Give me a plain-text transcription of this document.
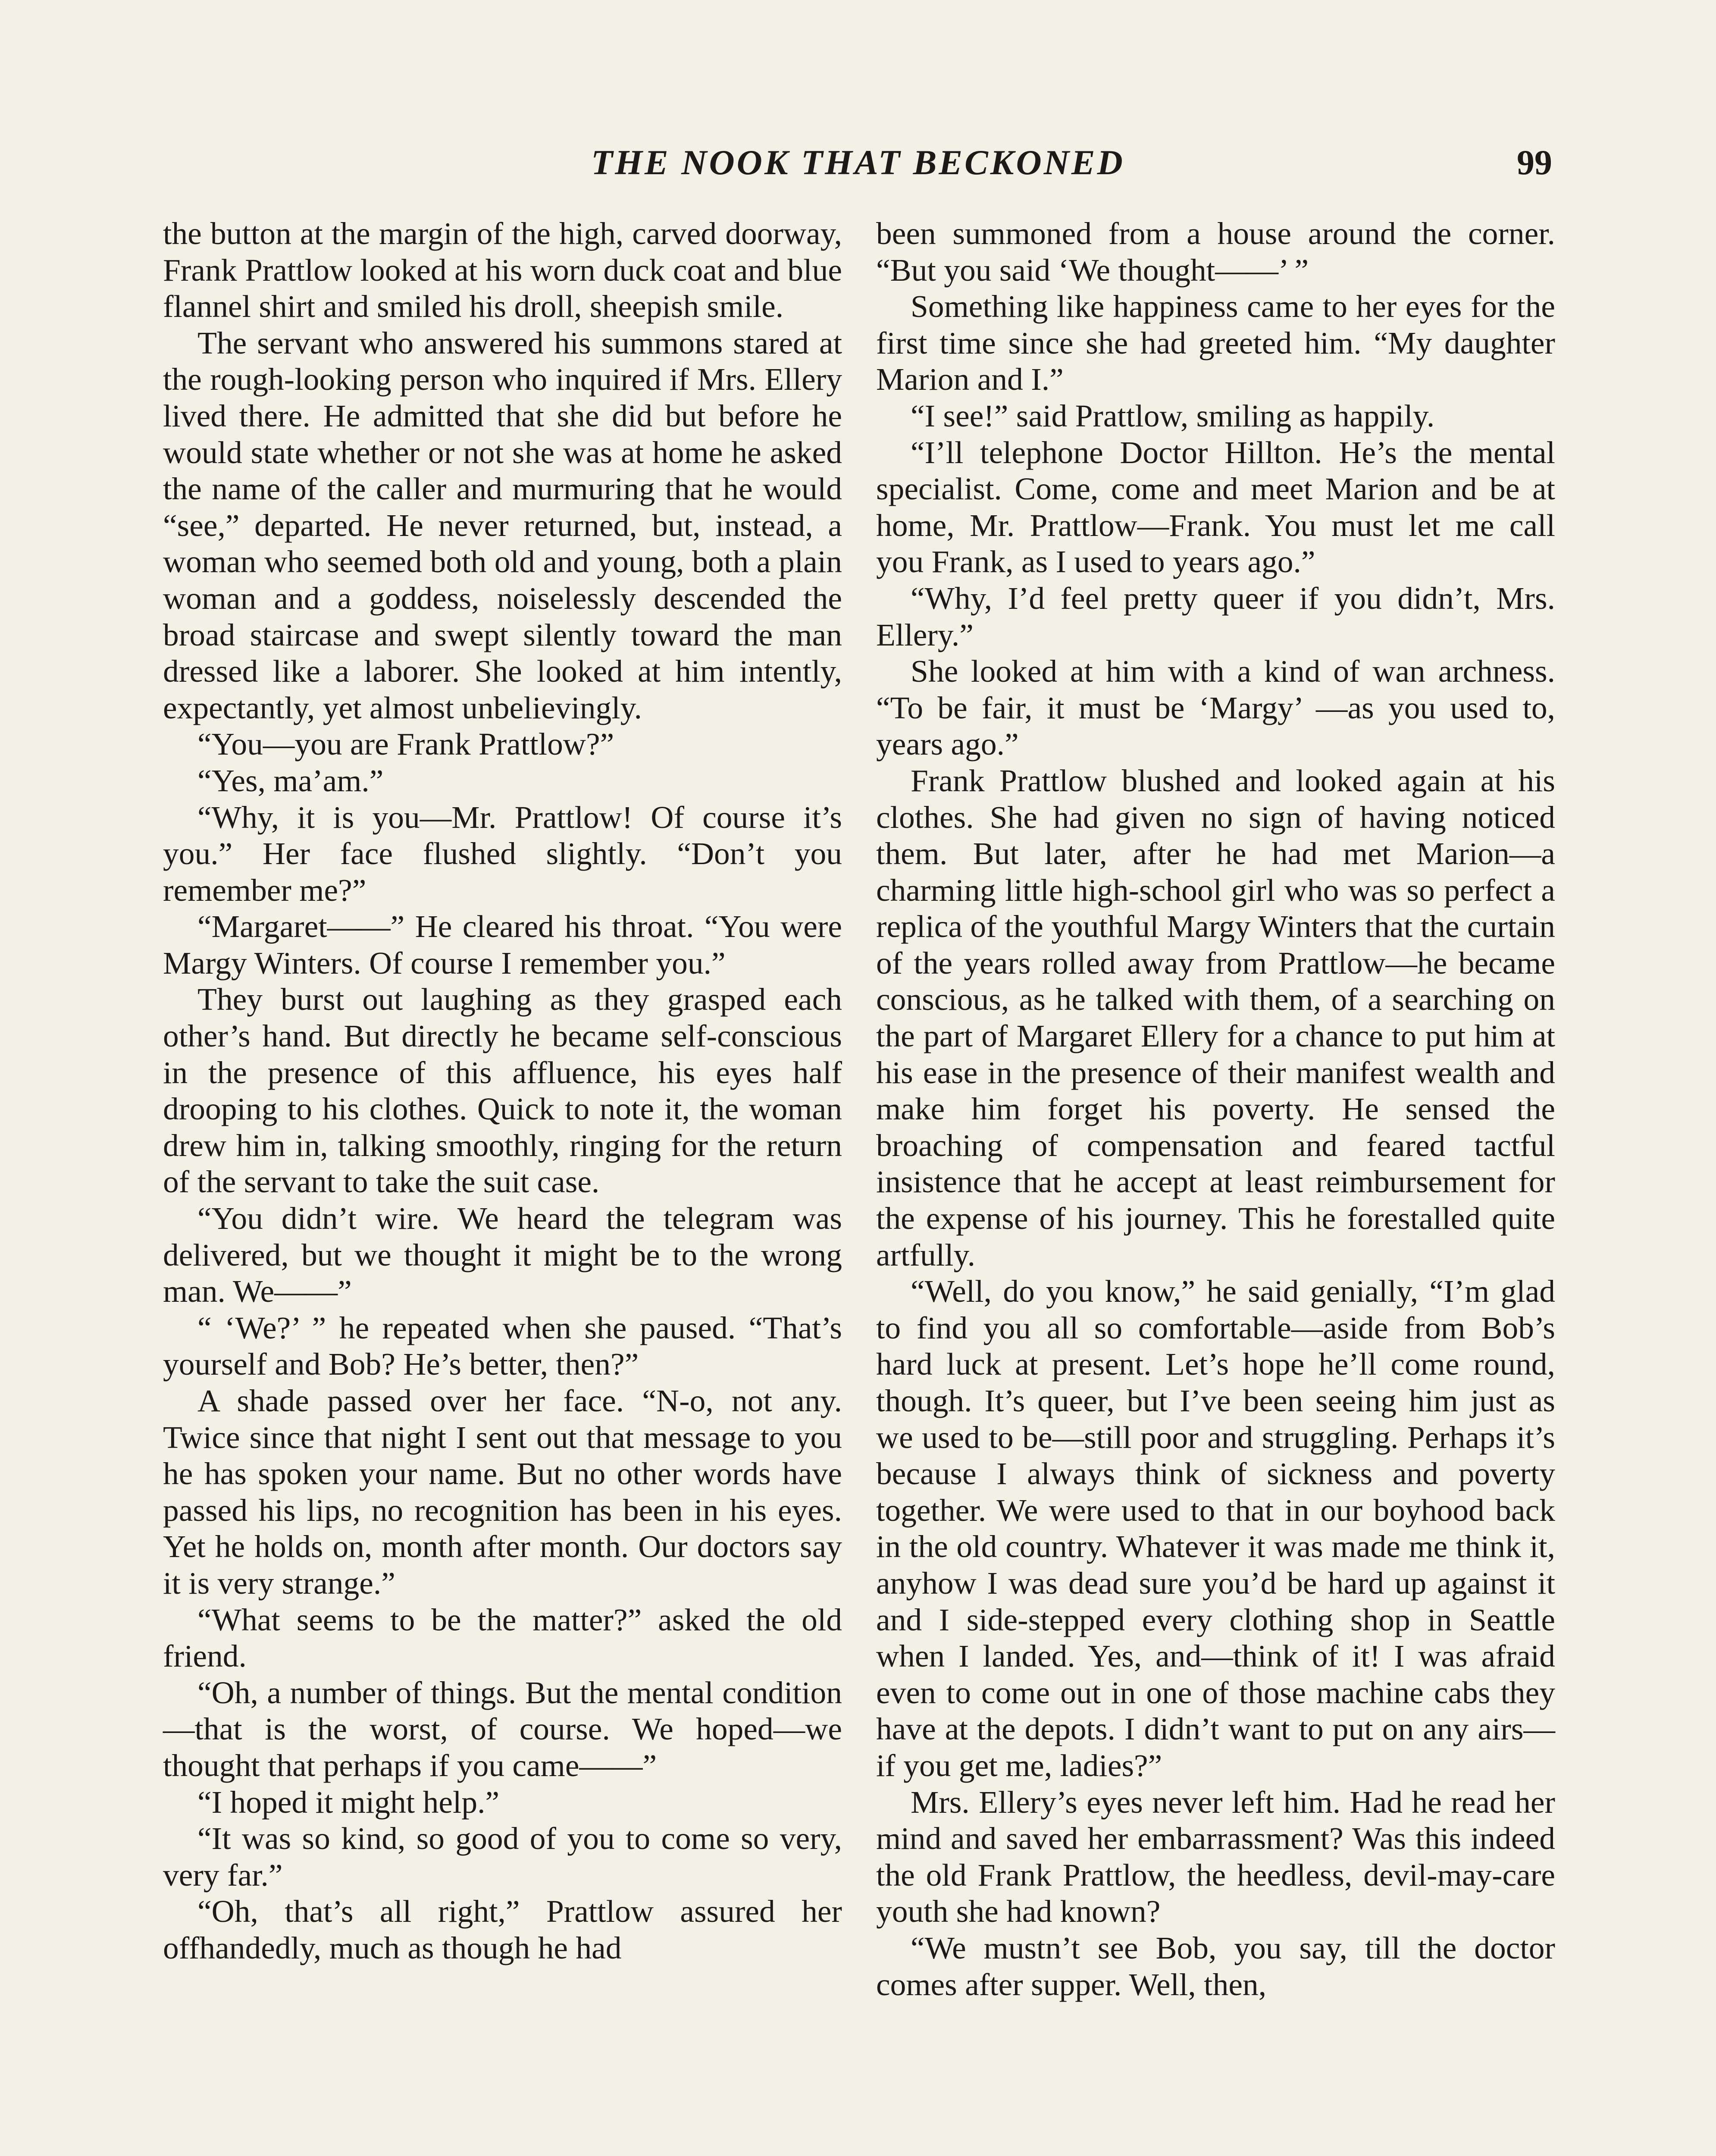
THE NOOK THAT BECKONED	99

the button at the margin of the high, carved doorway, Frank Prattlow looked at his worn duck coat and blue flannel shirt and smiled his droll, sheepish smile.

The servant who answered his summons stared at the rough-looking person who inquired if Mrs. Ellery lived there. He admitted that she did but before he would state whether or not she was at home he asked the name of the caller and murmuring that he would “see,” departed. He never returned, but, instead, a woman who seemed both old and young, both a plain woman and a goddess, noiselessly descended the broad staircase and swept silently toward the man dressed like a laborer. She looked at him intently, expectantly, yet almost unbelievingly.

“You—you are Frank Prattlow?”

“Yes, ma’am.”

“Why, it is you—Mr. Prattlow! Of course it’s you.” Her face flushed slightly. “Don’t you remember me?”

“Margaret——” He cleared his throat. “You were Margy Winters. Of course I remember you.”

They burst out laughing as they grasped each other’s hand. But directly he became self-conscious in the presence of this affluence, his eyes half drooping to his clothes. Quick to note it, the woman drew him in, talking smoothly, ringing for the return of the servant to take the suit case.

“You didn’t wire. We heard the telegram was delivered, but we thought it might be to the wrong man. We——”

“ ‘We?’ ” he repeated when she paused. “That’s yourself and Bob? He’s better, then?”

A shade passed over her face. “N-o, not any. Twice since that night I sent out that message to you he has spoken your name. But no other words have passed his lips, no recognition has been in his eyes. Yet he holds on, month after month. Our doctors say it is very strange.”

“What seems to be the matter?” asked the old friend.

“Oh, a number of things. But the mental condition—that is the worst, of course. We hoped—we thought that perhaps if you came——”

“I hoped it might help.”

“It was so kind, so good of you to come so very, very far.”

“Oh, that’s all right,” Prattlow assured her offhandedly, much as though he had

been summoned from a house around the corner. “But you said ‘We thought——’ ”

Something like happiness came to her eyes for the first time since she had greeted him. “My daughter Marion and I.”

“I see!” said Prattlow, smiling as happily.

“I’ll telephone Doctor Hillton. He’s the mental specialist. Come, come and meet Marion and be at home, Mr. Prattlow—Frank. You must let me call you Frank, as I used to years ago.”

“Why, I’d feel pretty queer if you didn’t, Mrs. Ellery.”

She looked at him with a kind of wan archness. “To be fair, it must be ‘Margy’ —as you used to, years ago.”

Frank Prattlow blushed and looked again at his clothes. She had given no sign of having noticed them. But later, after he had met Marion—a charming little high-school girl who was so perfect a replica of the youthful Margy Winters that the curtain of the years rolled away from Prattlow—he became conscious, as he talked with them, of a searching on the part of Margaret Ellery for a chance to put him at his ease in the presence of their manifest wealth and make him forget his poverty. He sensed the broaching of compensation and feared tactful insistence that he accept at least reimbursement for the expense of his journey. This he forestalled quite artfully.

“Well, do you know,” he said genially, “I’m glad to find you all so comfortable—aside from Bob’s hard luck at present. Let’s hope he’ll come round, though. It’s queer, but I’ve been seeing him just as we used to be—still poor and struggling. Perhaps it’s because I always think of sickness and poverty together. We were used to that in our boyhood back in the old country. Whatever it was made me think it, anyhow I was dead sure you’d be hard up against it and I side-stepped every clothing shop in Seattle when I landed. Yes, and—think of it! I was afraid even to come out in one of those machine cabs they have at the depots. I didn’t want to put on any airs—if you get me, ladies?”

Mrs. Ellery’s eyes never left him. Had he read her mind and saved her embarrassment? Was this indeed the old Frank Prattlow, the heedless, devil-may-care youth she had known?

“We mustn’t see Bob, you say, till the doctor comes after supper. Well, then,
